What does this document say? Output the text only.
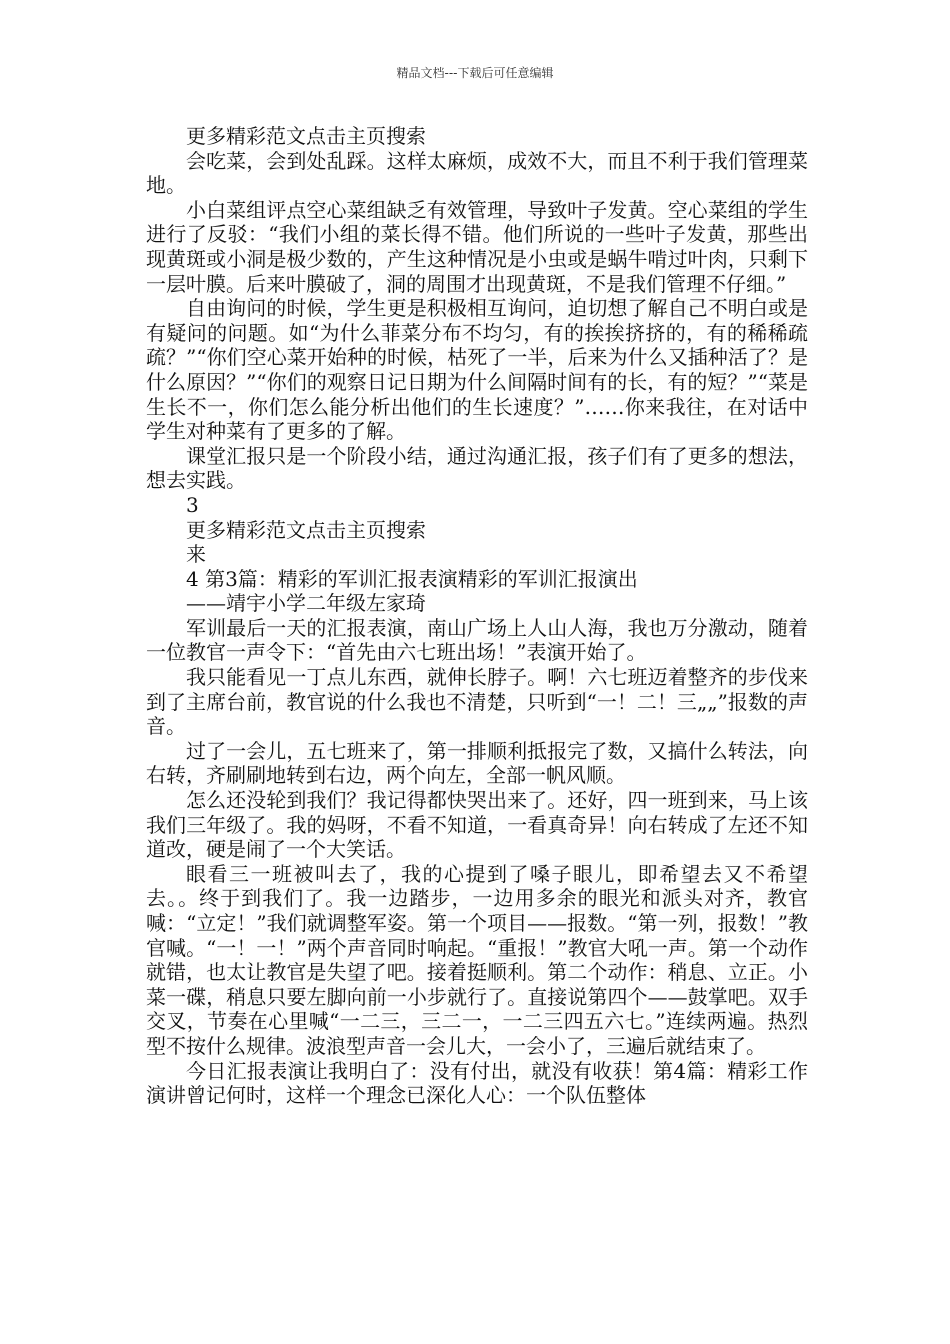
精品文档---下载后可任意编辑

更多精彩范文点击主页搜索

会吃菜，会到处乱踩。这样太麻烦，成效不大，而且不利于我们管理菜地。

小白菜组评点空心菜组缺乏有效管理，导致叶子发黄。空心菜组的学生进行了反驳：“我们小组的菜长得不错。他们所说的一些叶子发黄，那些出现黄斑或小洞是极少数的，产生这种情况是小虫或是蜗牛啃过叶肉，只剩下一层叶膜。后来叶膜破了，洞的周围才出现黄斑，不是我们管理不仔细。”

自由询问的时候，学生更是积极相互询问，迫切想了解自己不明白或是有疑问的问题。如“为什么菲菜分布不均匀，有的挨挨挤挤的，有的稀稀疏疏？”“你们空心菜开始种的时候，枯死了一半，后来为什么又插种活了？是什么原因？”“你们的观察日记日期为什么间隔时间有的长，有的短？”“菜是生长不一，你们怎么能分析出他们的生长速度？”……你来我往，在对话中学生对种菜有了更多的了解。

课堂汇报只是一个阶段小结，通过沟通汇报，孩子们有了更多的想法，想去实践。

3

更多精彩范文点击主页搜索

来

4 第3篇：精彩的军训汇报表演精彩的军训汇报演出

——靖宇小学二年级左家琦

军训最后一天的汇报表演，南山广场上人山人海，我也万分激动，随着一位教官一声令下：“首先由六七班出场！”表演开始了。

我只能看见一丁点儿东西，就伸长脖子。啊！六七班迈着整齐的步伐来到了主席台前，教官说的什么我也不清楚，只听到“一！二！三„„”报数的声音。

过了一会儿，五七班来了，第一排顺利抵报完了数，又搞什么转法，向右转，齐刷刷地转到右边，两个向左，全部一帆风顺。

怎么还没轮到我们？我记得都快哭出来了。还好，四一班到来，马上该我们三年级了。我的妈呀，不看不知道，一看真奇异！向右转成了左还不知道改，硬是闹了一个大笑话。

眼看三一班被叫去了，我的心提到了嗓子眼儿，即希望去又不希望去。。终于到我们了。我一边踏步，一边用多余的眼光和派头对齐，教官喊：“立定！”我们就调整军姿。第一个项目——报数。“第一列，报数！”教官喊。“一！一！”两个声音同时响起。“重报！”教官大吼一声。第一个动作就错，也太让教官是失望了吧。接着挺顺利。第二个动作：稍息、立正。小菜一碟，稍息只要左脚向前一小步就行了。直接说第四个——鼓掌吧。双手交叉，节奏在心里喊“一二三，三二一，一二三四五六七。”连续两遍。热烈型不按什么规律。波浪型声音一会儿大，一会小了，三遍后就结束了。

今日汇报表演让我明白了：没有付出，就没有收获！第4篇：精彩工作演讲曾记何时，这样一个理念已深化人心：一个队伍整体
